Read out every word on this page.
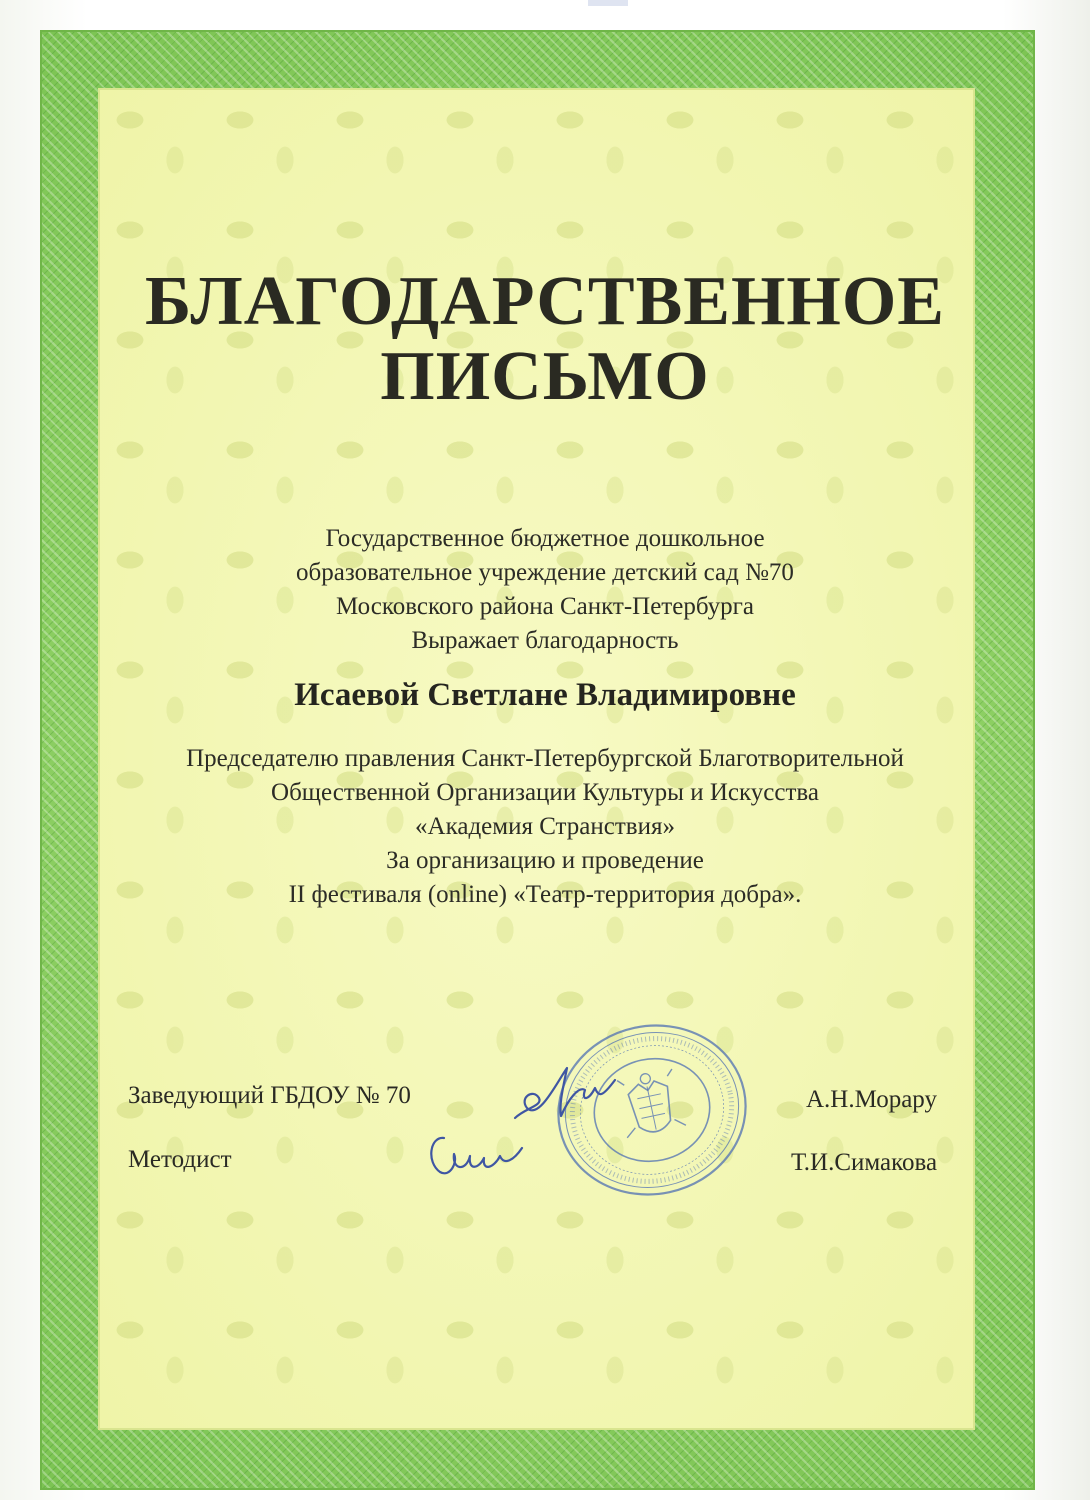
БЛАГОДАРСТВЕННОЕ
ПИСЬМО
Государственное бюджетное дошкольное
образовательное учреждение детский сад №70
Московского района Санкт-Петербурга
Выражает благодарность
Исаевой Светлане Владимировне
Председателю правления Санкт-Петербургской Благотворительной
Общественной Организации Культуры и Искусства
«Академия Странствия»
За организацию и проведение
II фестиваля (online) «Театр-территория добра».
Заведующий ГБДОУ № 70
Методист
А.Н.Морару
Т.И.Симакова
